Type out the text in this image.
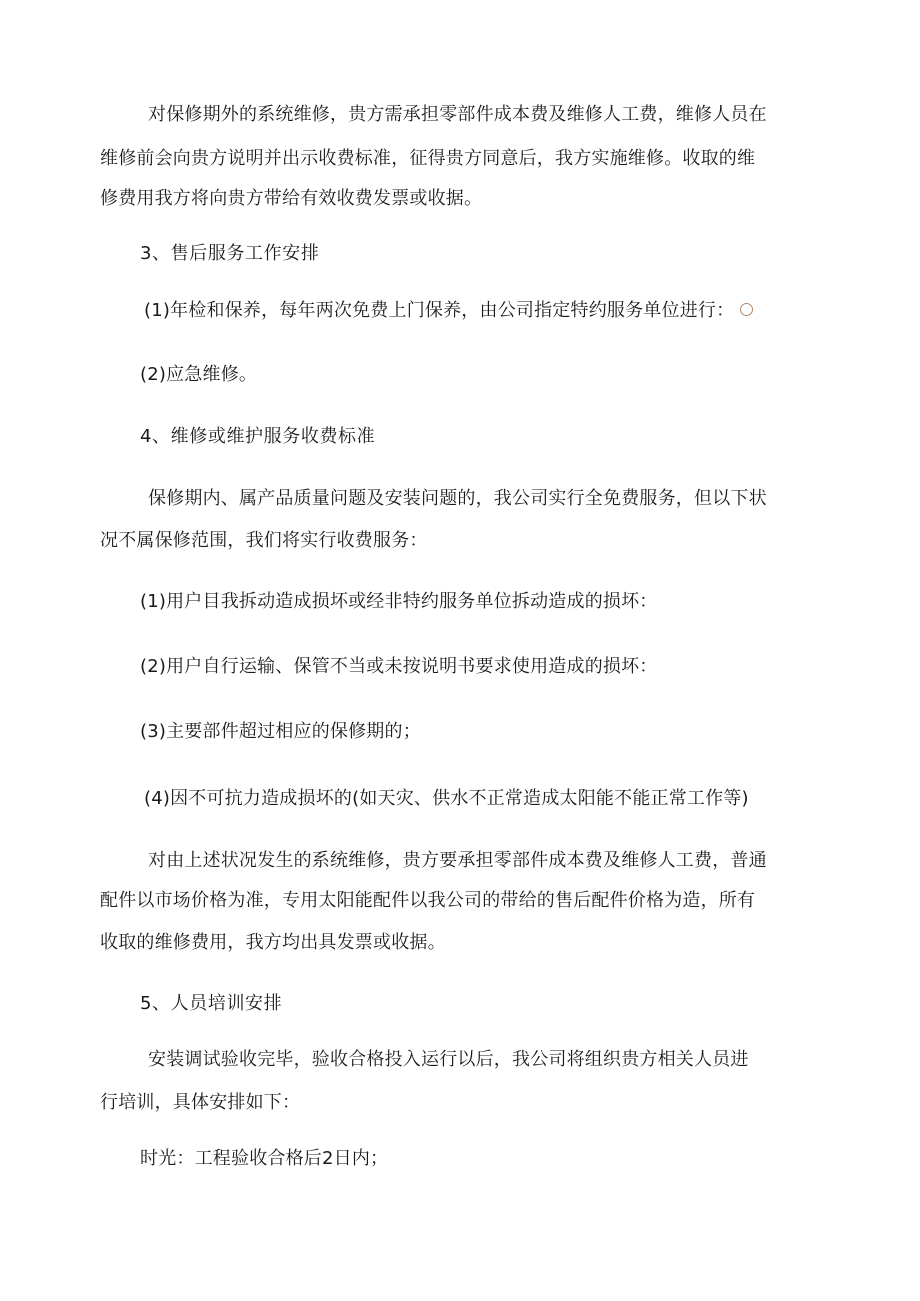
对保修期外的系统维修，贵方需承担零部件成本费及维修人工费，维修人员在

维修前会向贵方说明并出示收费标准，征得贵方同意后，我方实施维修。收取的维

修费用我方将向贵方带给有效收费发票或收据。

3、售后服务工作安排

(1)年检和保养，每年两次免费上门保养，由公司指定特约服务单位进行：

(2)应急维修。

4、维修或维护服务收费标准

保修期内、属产品质量问题及安装问题的，我公司实行全免费服务，但以下状

况不属保修范围，我们将实行收费服务：

(1)用户目我拆动造成损坏或经非特约服务单位拆动造成的损坏：

(2)用户自行运输、保管不当或未按说明书要求使用造成的损坏：

(3)主要部件超过相应的保修期的；

(4)因不可抗力造成损坏的(如天灾、供水不正常造成太阳能不能正常工作等)

对由上述状况发生的系统维修，贵方要承担零部件成本费及维修人工费，普通

配件以市场价格为准，专用太阳能配件以我公司的带给的售后配件价格为造，所有

收取的维修费用，我方均出具发票或收据。

5、人员培训安排

安装调试验收完毕，验收合格投入运行以后，我公司将组织贵方相关人员进

行培训，具体安排如下：

时光：工程验收合格后2日内；
